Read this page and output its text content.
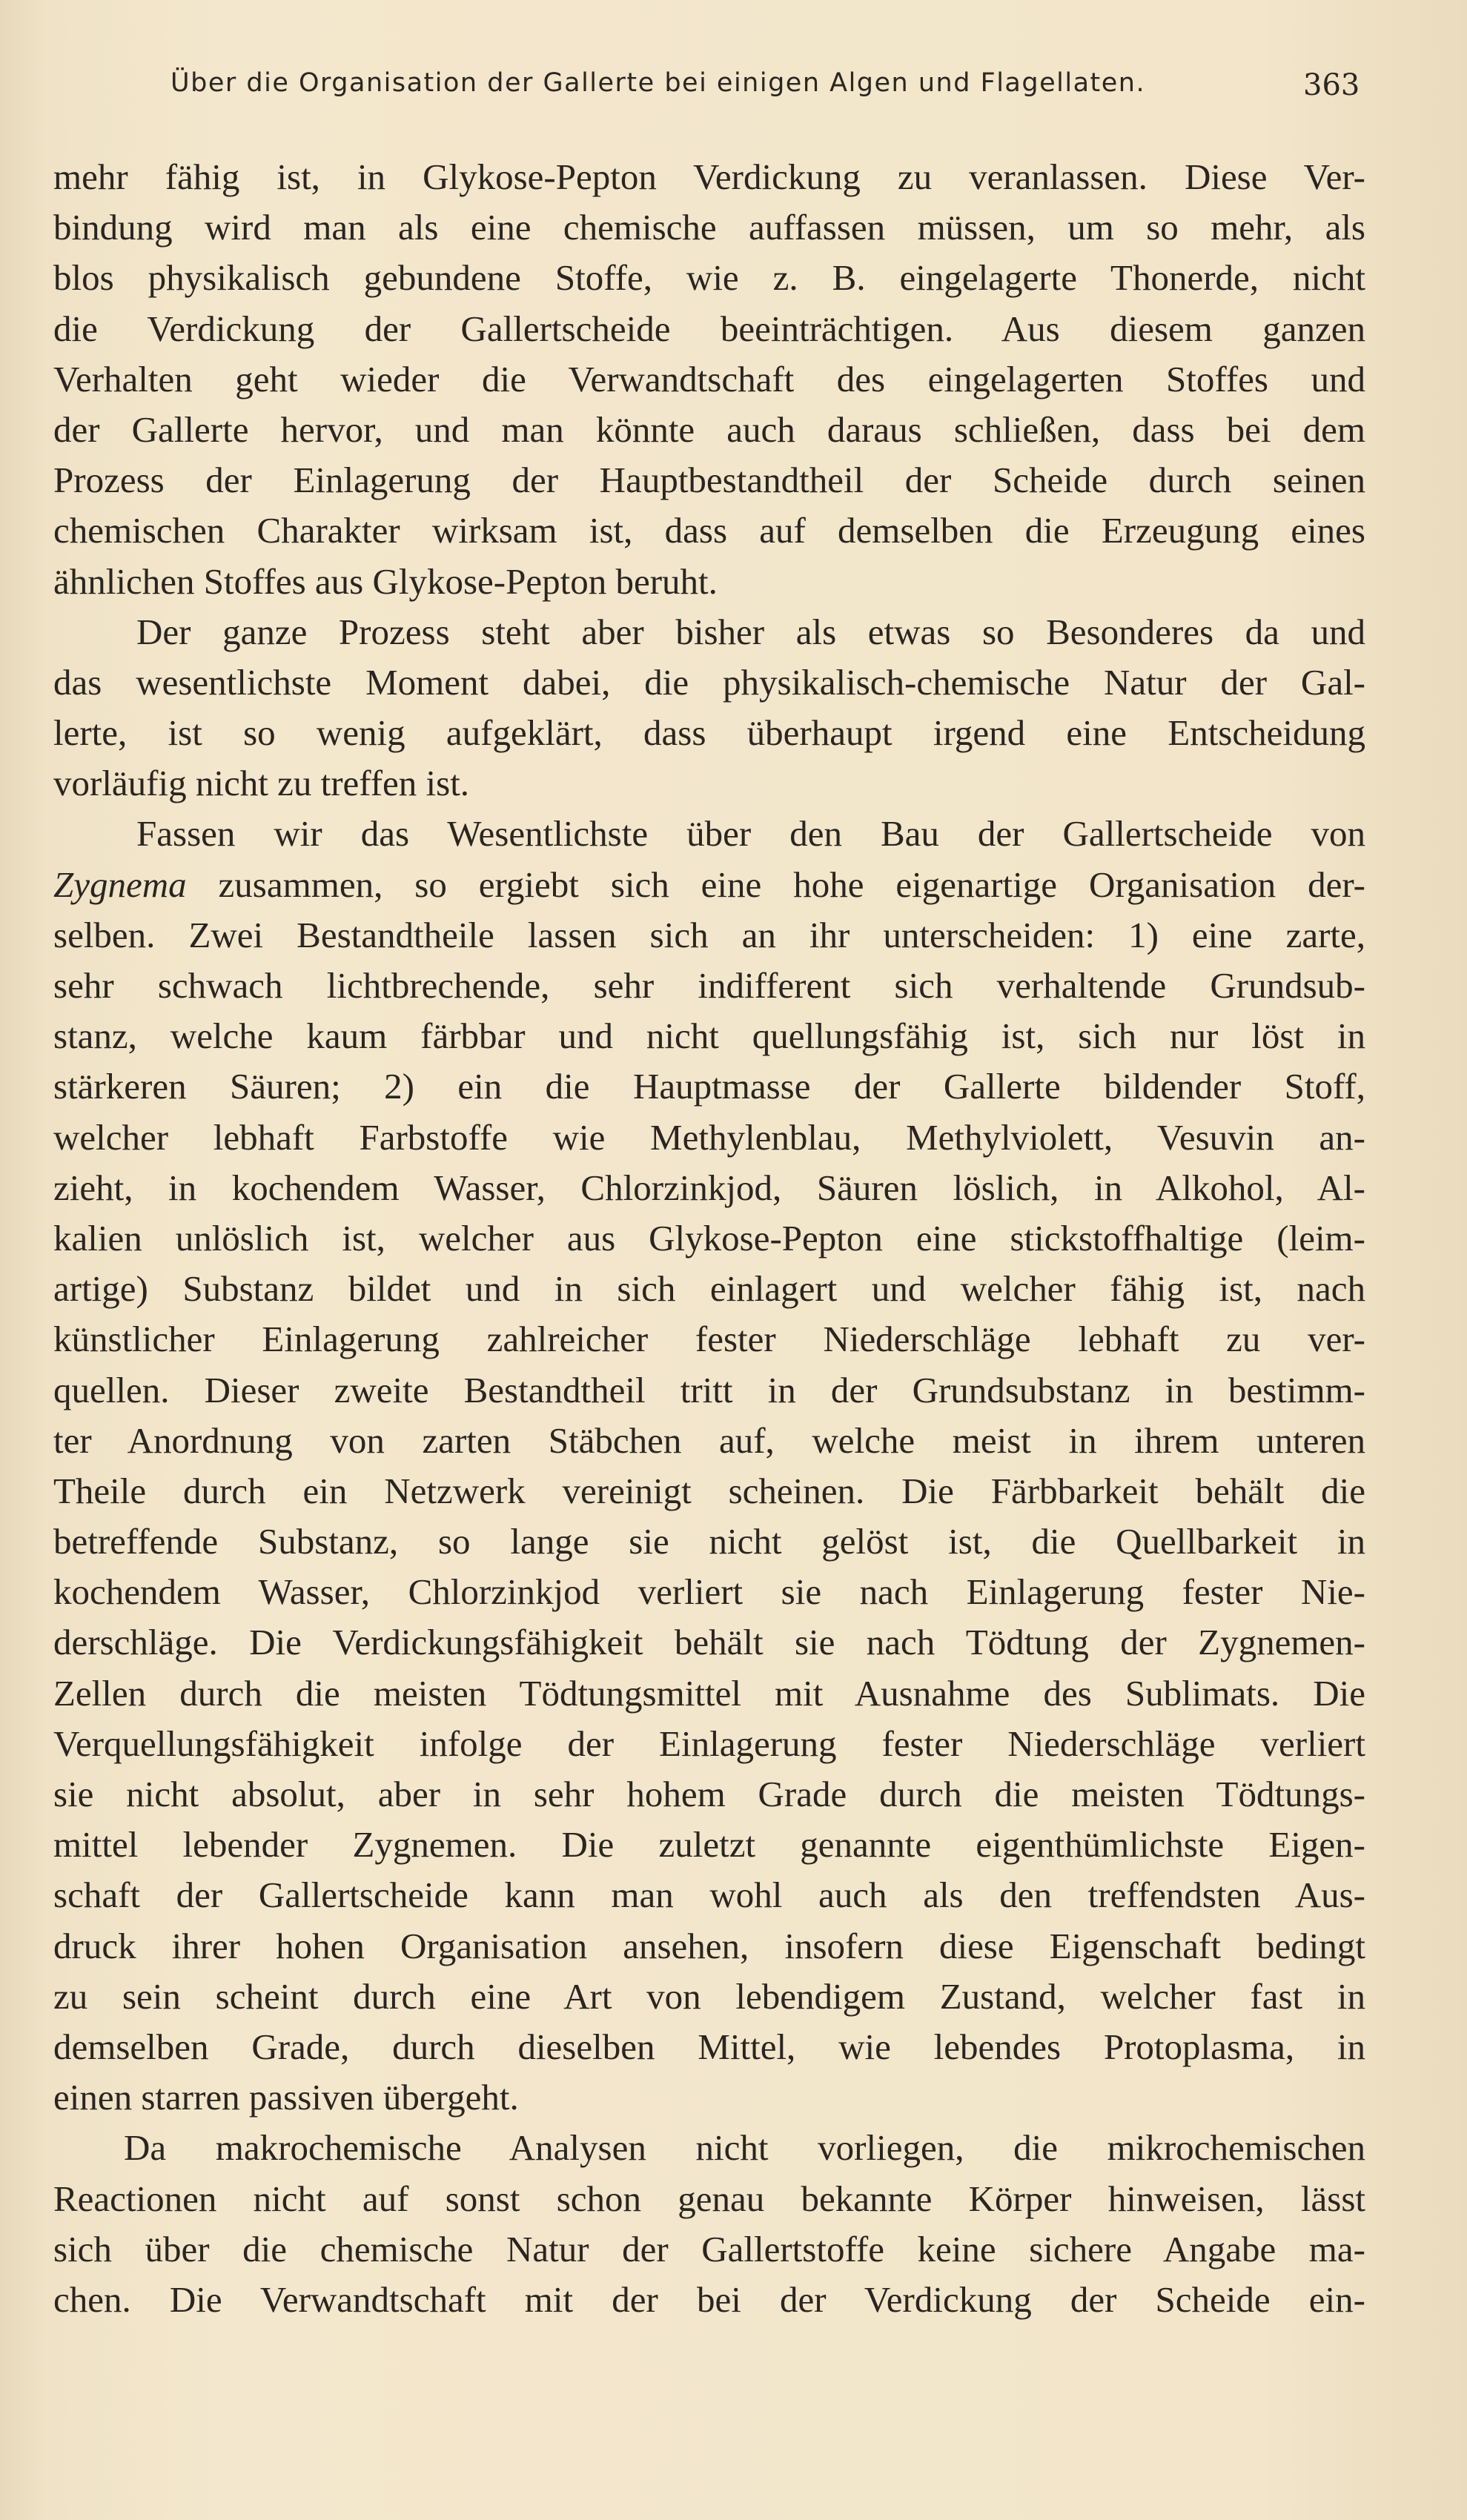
Über die Organisation der Gallerte bei einigen Algen und Flagellaten.	363
mehr fähig ist, in Glykose-Pepton Verdickung zu veranlassen. Diese Ver-
bindung wird man als eine chemische auffassen müssen, um so mehr, als
blos physikalisch gebundene Stoffe, wie z. B. eingelagerte Thonerde, nicht
die Verdickung der Gallertscheide beeinträchtigen. Aus diesem ganzen
Verhalten geht wieder die Verwandtschaft des eingelagerten Stoffes und
der Gallerte hervor, und man könnte auch daraus schließen, dass bei dem
Prozess der Einlagerung der Hauptbestandtheil der Scheide durch seinen
chemischen Charakter wirksam ist, dass auf demselben die Erzeugung eines
ähnlichen Stoffes aus Glykose-Pepton beruht.
Der ganze Prozess steht aber bisher als etwas so Besonderes da und
das wesentlichste Moment dabei, die physikalisch-chemische Natur der Gal-
lerte, ist so wenig aufgeklärt, dass überhaupt irgend eine Entscheidung
vorläufig nicht zu treffen ist.
Fassen wir das Wesentlichste über den Bau der Gallertscheide von
Zygnema zusammen, so ergiebt sich eine hohe eigenartige Organisation der-
selben. Zwei Bestandtheile lassen sich an ihr unterscheiden: 1) eine zarte,
sehr schwach lichtbrechende, sehr indifferent sich verhaltende Grundsub-
stanz, welche kaum färbbar und nicht quellungsfähig ist, sich nur löst in
stärkeren Säuren; 2) ein die Hauptmasse der Gallerte bildender Stoff,
welcher lebhaft Farbstoffe wie Methylenblau, Methylviolett, Vesuvin an-
zieht, in kochendem Wasser, Chlorzinkjod, Säuren löslich, in Alkohol, Al-
kalien unlöslich ist, welcher aus Glykose-Pepton eine stickstoffhaltige (leim-
artige) Substanz bildet und in sich einlagert und welcher fähig ist, nach
künstlicher Einlagerung zahlreicher fester Niederschläge lebhaft zu ver-
quellen. Dieser zweite Bestandtheil tritt in der Grundsubstanz in bestimm-
ter Anordnung von zarten Stäbchen auf, welche meist in ihrem unteren
Theile durch ein Netzwerk vereinigt scheinen. Die Färbbarkeit behält die
betreffende Substanz, so lange sie nicht gelöst ist, die Quellbarkeit in
kochendem Wasser, Chlorzinkjod verliert sie nach Einlagerung fester Nie-
derschläge. Die Verdickungsfähigkeit behält sie nach Tödtung der Zygnemen-
Zellen durch die meisten Tödtungsmittel mit Ausnahme des Sublimats. Die
Verquellungsfähigkeit infolge der Einlagerung fester Niederschläge verliert
sie nicht absolut, aber in sehr hohem Grade durch die meisten Tödtungs-
mittel lebender Zygnemen. Die zuletzt genannte eigenthümlichste Eigen-
schaft der Gallertscheide kann man wohl auch als den treffendsten Aus-
druck ihrer hohen Organisation ansehen, insofern diese Eigenschaft bedingt
zu sein scheint durch eine Art von lebendigem Zustand, welcher fast in
demselben Grade, durch dieselben Mittel, wie lebendes Protoplasma, in
einen starren passiven übergeht.
Da makrochemische Analysen nicht vorliegen, die mikrochemischen
Reactionen nicht auf sonst schon genau bekannte Körper hinweisen, lässt
sich über die chemische Natur der Gallertstoffe keine sichere Angabe ma-
chen. Die Verwandtschaft mit der bei der Verdickung der Scheide ein-
